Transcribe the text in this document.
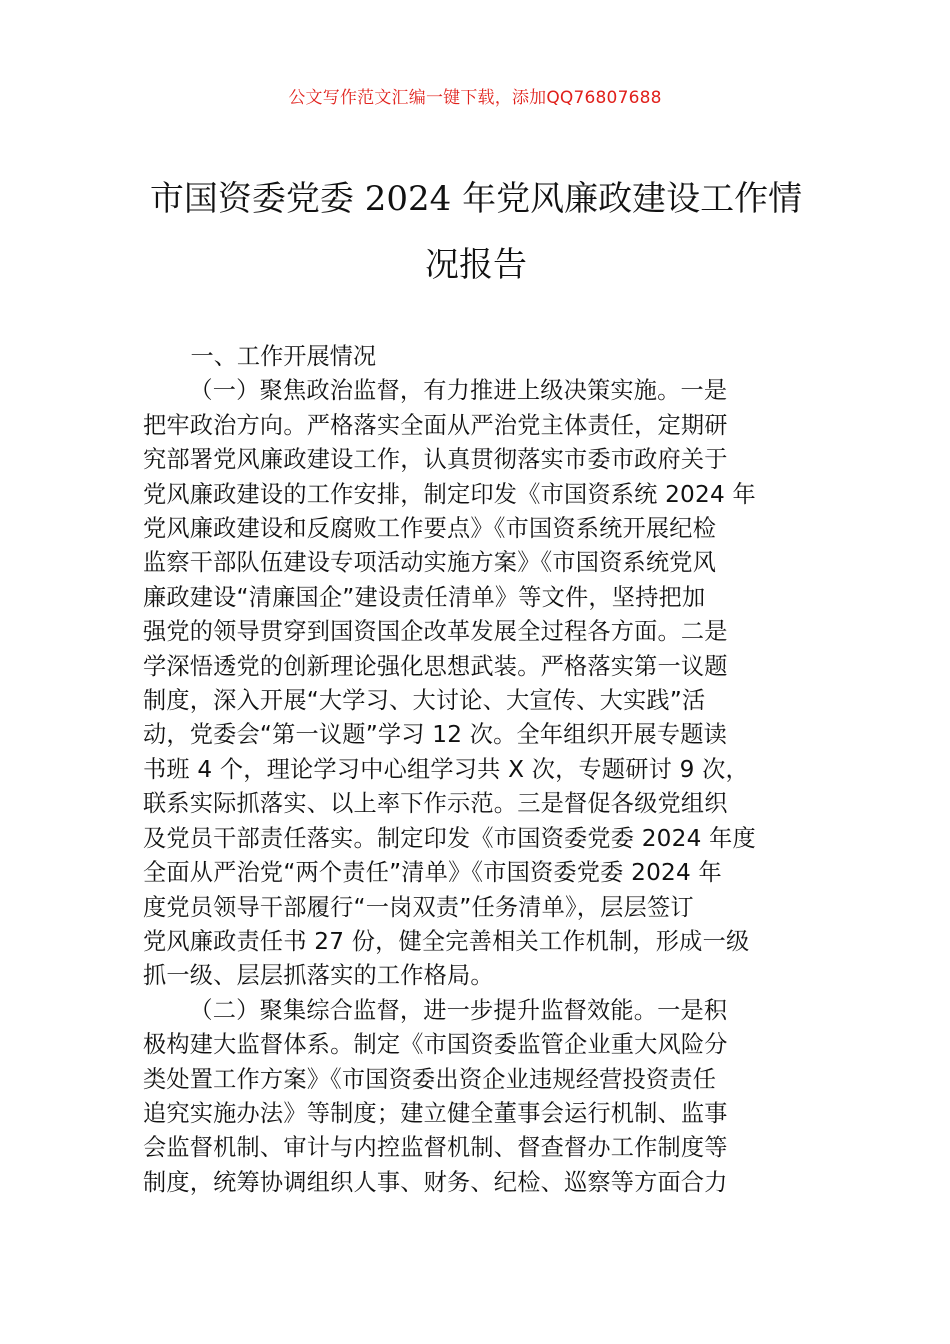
公文写作范文汇编一键下载，添加QQ76807688
市国资委党委 2024 年党风廉政建设工作情
况报告
一、工作开展情况
（一）聚焦政治监督，有力推进上级决策实施。一是
把牢政治方向。严格落实全面从严治党主体责任，定期研
究部署党风廉政建设工作，认真贯彻落实市委市政府关于
党风廉政建设的工作安排，制定印发《市国资系统 2024 年
党风廉政建设和反腐败工作要点》《市国资系统开展纪检
监察干部队伍建设专项活动实施方案》《市国资系统党风
廉政建设“清廉国企”建设责任清单》等文件，坚持把加
强党的领导贯穿到国资国企改革发展全过程各方面。二是
学深悟透党的创新理论强化思想武装。严格落实第一议题
制度，深入开展“大学习、大讨论、大宣传、大实践”活
动，党委会“第一议题”学习 12 次。全年组织开展专题读
书班 4 个，理论学习中心组学习共 X 次，专题研讨 9 次，
联系实际抓落实、以上率下作示范。三是督促各级党组织
及党员干部责任落实。制定印发《市国资委党委 2024 年度
全面从严治党“两个责任”清单》《市国资委党委 2024 年
度党员领导干部履行“一岗双责”任务清单》，层层签订
党风廉政责任书 27 份，健全完善相关工作机制，形成一级
抓一级、层层抓落实的工作格局。
（二）聚集综合监督，进一步提升监督效能。一是积
极构建大监督体系。制定《市国资委监管企业重大风险分
类处置工作方案》《市国资委出资企业违规经营投资责任
追究实施办法》等制度；建立健全董事会运行机制、监事
会监督机制、审计与内控监督机制、督查督办工作制度等
制度，统筹协调组织人事、财务、纪检、巡察等方面合力
